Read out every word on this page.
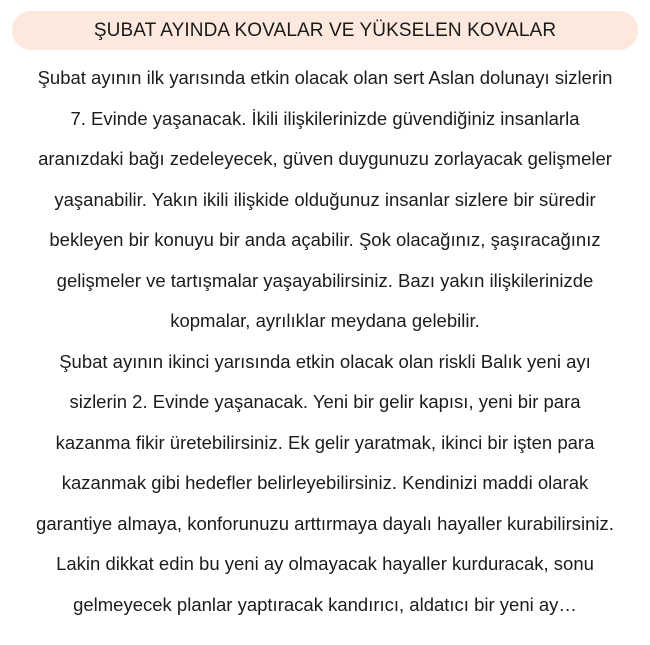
ŞUBAT AYINDA KOVALAR VE YÜKSELEN KOVALAR
Şubat ayının ilk yarısında etkin olacak olan sert Aslan dolunayı sizlerin
7. Evinde yaşanacak. İkili ilişkilerinizde güvendiğiniz insanlarla
aranızdaki bağı zedeleyecek, güven duygunuzu zorlayacak gelişmeler
yaşanabilir. Yakın ikili ilişkide olduğunuz insanlar sizlere bir süredir
bekleyen bir konuyu bir anda açabilir. Şok olacağınız, şaşıracağınız
gelişmeler ve tartışmalar yaşayabilirsiniz. Bazı yakın ilişkilerinizde
kopmalar, ayrılıklar meydana gelebilir.
Şubat ayının ikinci yarısında etkin olacak olan riskli Balık yeni ayı
sizlerin 2. Evinde yaşanacak. Yeni bir gelir kapısı, yeni bir para
kazanma fikir üretebilirsiniz. Ek gelir yaratmak, ikinci bir işten para
kazanmak gibi hedefler belirleyebilirsiniz. Kendinizi maddi olarak
garantiye almaya, konforunuzu arttırmaya dayalı hayaller kurabilirsiniz.
Lakin dikkat edin bu yeni ay olmayacak hayaller kurduracak, sonu
gelmeyecek planlar yaptıracak kandırıcı, aldatıcı bir yeni ay…
